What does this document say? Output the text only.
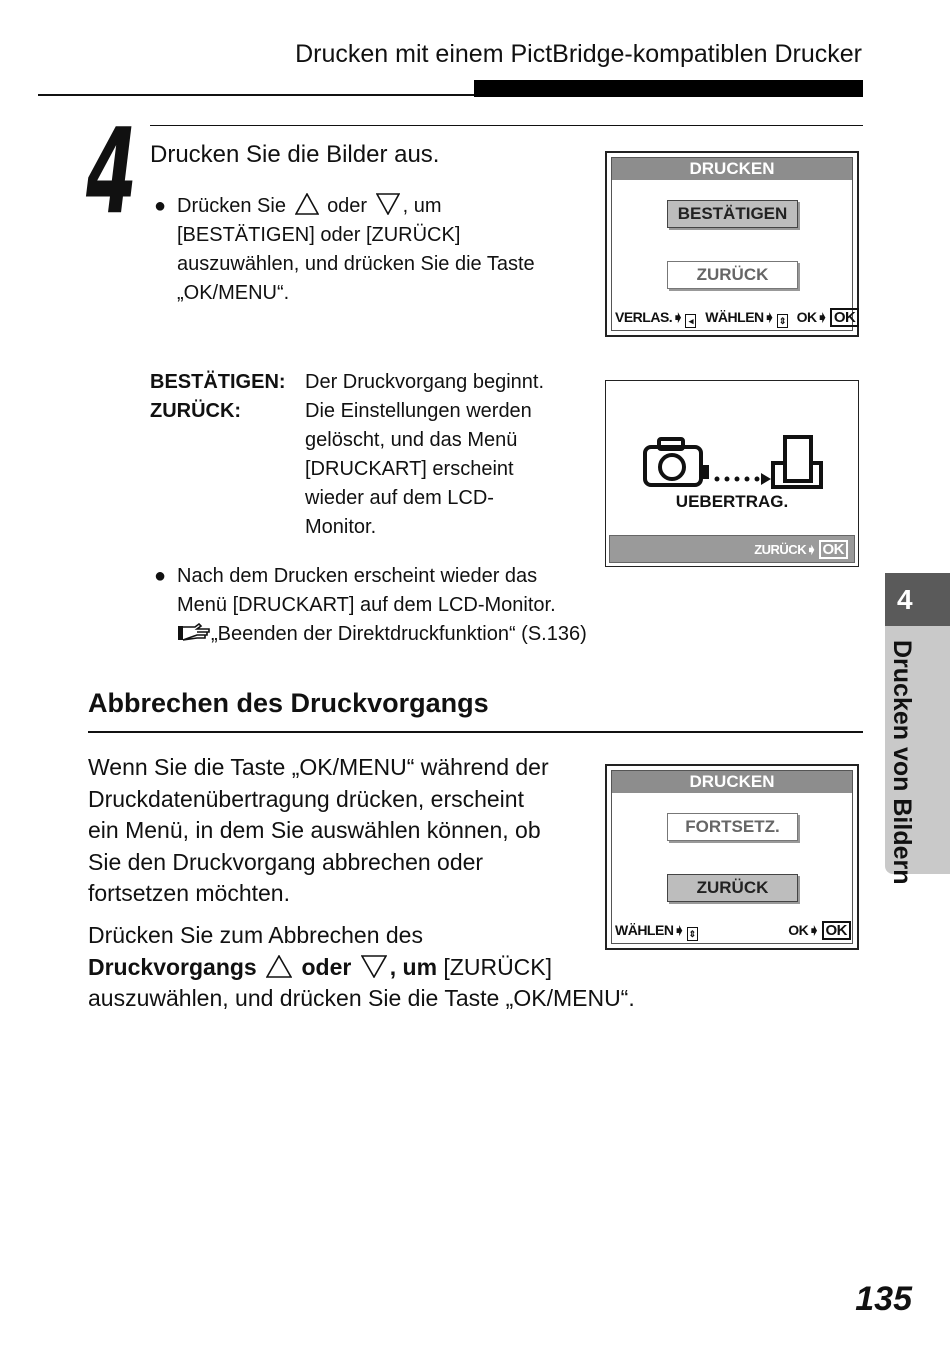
Drucken mit einem PictBridge-kompatiblen Drucker
4 Drucken Sie die Bilder aus.
● Drücken Sie oder , um
[BESTÄTIGEN] oder [ZURÜCK]
auszuwählen, und drücken Sie die Taste
„OK/MENU“.
DRUCKEN
BESTÄTIGEN
ZURÜCK
VERLAS.➧ ◂ WÄHLEN➧ ⇕ OK➧ OK
BESTÄTIGEN: Der Druckvorgang beginnt.
ZURÜCK:	Die Einstellungen werden
gelöscht, und das Menü
[DRUCKART] erscheint
wieder auf dem LCD-
Monitor.
UEBERTRAG.
ZURÜCK➧ OK
● Nach dem Drucken erscheint wieder das
Menü [DRUCKART] auf dem LCD-Monitor.
„Beenden der Direktdruckfunktion“ (S.136)
Abbrechen des Druckvorgangs
Wenn Sie die Taste „OK/MENU“ während der
Druckdatenübertragung drücken, erscheint
ein Menü, in dem Sie auswählen können, ob
Sie den Druckvorgang abbrechen oder
fortsetzen möchten.
Drücken Sie zum Abbrechen des
Druckvorgangs oder , um [ZURÜCK]
auszuwählen, und drücken Sie die Taste „OK/MENU“.
DRUCKEN
FORTSETZ.
ZURÜCK
WÄHLEN➧ ⇕	OK➧ OK
4
Drucken von Bildern
135
